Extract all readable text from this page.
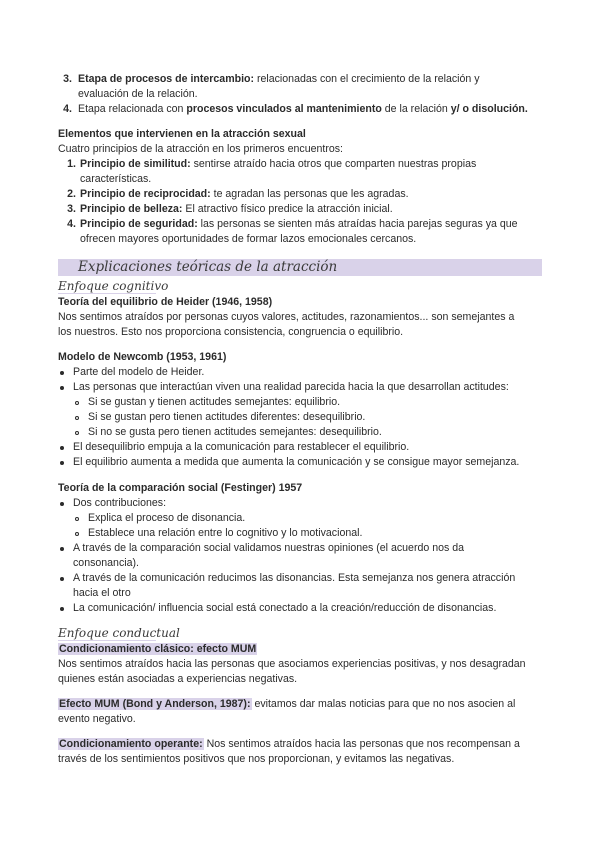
3. Etapa de procesos de intercambio: relacionadas con el crecimiento de la relación y
evaluación de la relación.
4. Etapa relacionada con procesos vinculados al mantenimiento de la relación y/ o disolución.
Elementos que intervienen en la atracción sexual
Cuatro principios de la atracción en los primeros encuentros:
1. Principio de similitud: sentirse atraído hacia otros que comparten nuestras propias
características.
2. Principio de reciprocidad: te agradan las personas que les agradas.
3. Principio de belleza: El atractivo físico predice la atracción inicial.
4. Principio de seguridad: las personas se sienten más atraídas hacia parejas seguras ya que
ofrecen mayores oportunidades de formar lazos emocionales cercanos.
Explicaciones teóricas de la atracción
Enfoque cognitivo
Teoría del equilibrio de Heider (1946, 1958)
Nos sentimos atraídos por personas cuyos valores, actitudes, razonamientos... son semejantes a
los nuestros. Esto nos proporciona consistencia, congruencia o equilibrio.
Modelo de Newcomb (1953, 1961)
Parte del modelo de Heider.
Las personas que interactúan viven una realidad parecida hacia la que desarrollan actitudes:
Si se gustan y tienen actitudes semejantes: equilibrio.
Si se gustan pero tienen actitudes diferentes: desequilibrio.
Si no se gusta pero tienen actitudes semejantes: desequilibrio.
El desequilibrio empuja a la comunicación para restablecer el equilibrio.
El equilibrio aumenta a medida que aumenta la comunicación y se consigue mayor semejanza.
Teoría de la comparación social (Festinger) 1957
Dos contribuciones:
Explica el proceso de disonancia.
Establece una relación entre lo cognitivo y lo motivacional.
A través de la comparación social validamos nuestras opiniones (el acuerdo nos da
consonancia).
A través de la comunicación reducimos las disonancias. Esta semejanza nos genera atracción
hacia el otro
La comunicación/ influencia social está conectado a la creación/reducción de disonancias.
Enfoque conductual
Condicionamiento clásico: efecto MUM
Nos sentimos atraídos hacia las personas que asociamos experiencias positivas, y nos desagradan
quienes están asociadas a experiencias negativas.
Efecto MUM (Bond y Anderson, 1987): evitamos dar malas noticias para que no nos asocien al
evento negativo.
Condicionamiento operante: Nos sentimos atraídos hacia las personas que nos recompensan a
través de los sentimientos positivos que nos proporcionan, y evitamos las negativas.
